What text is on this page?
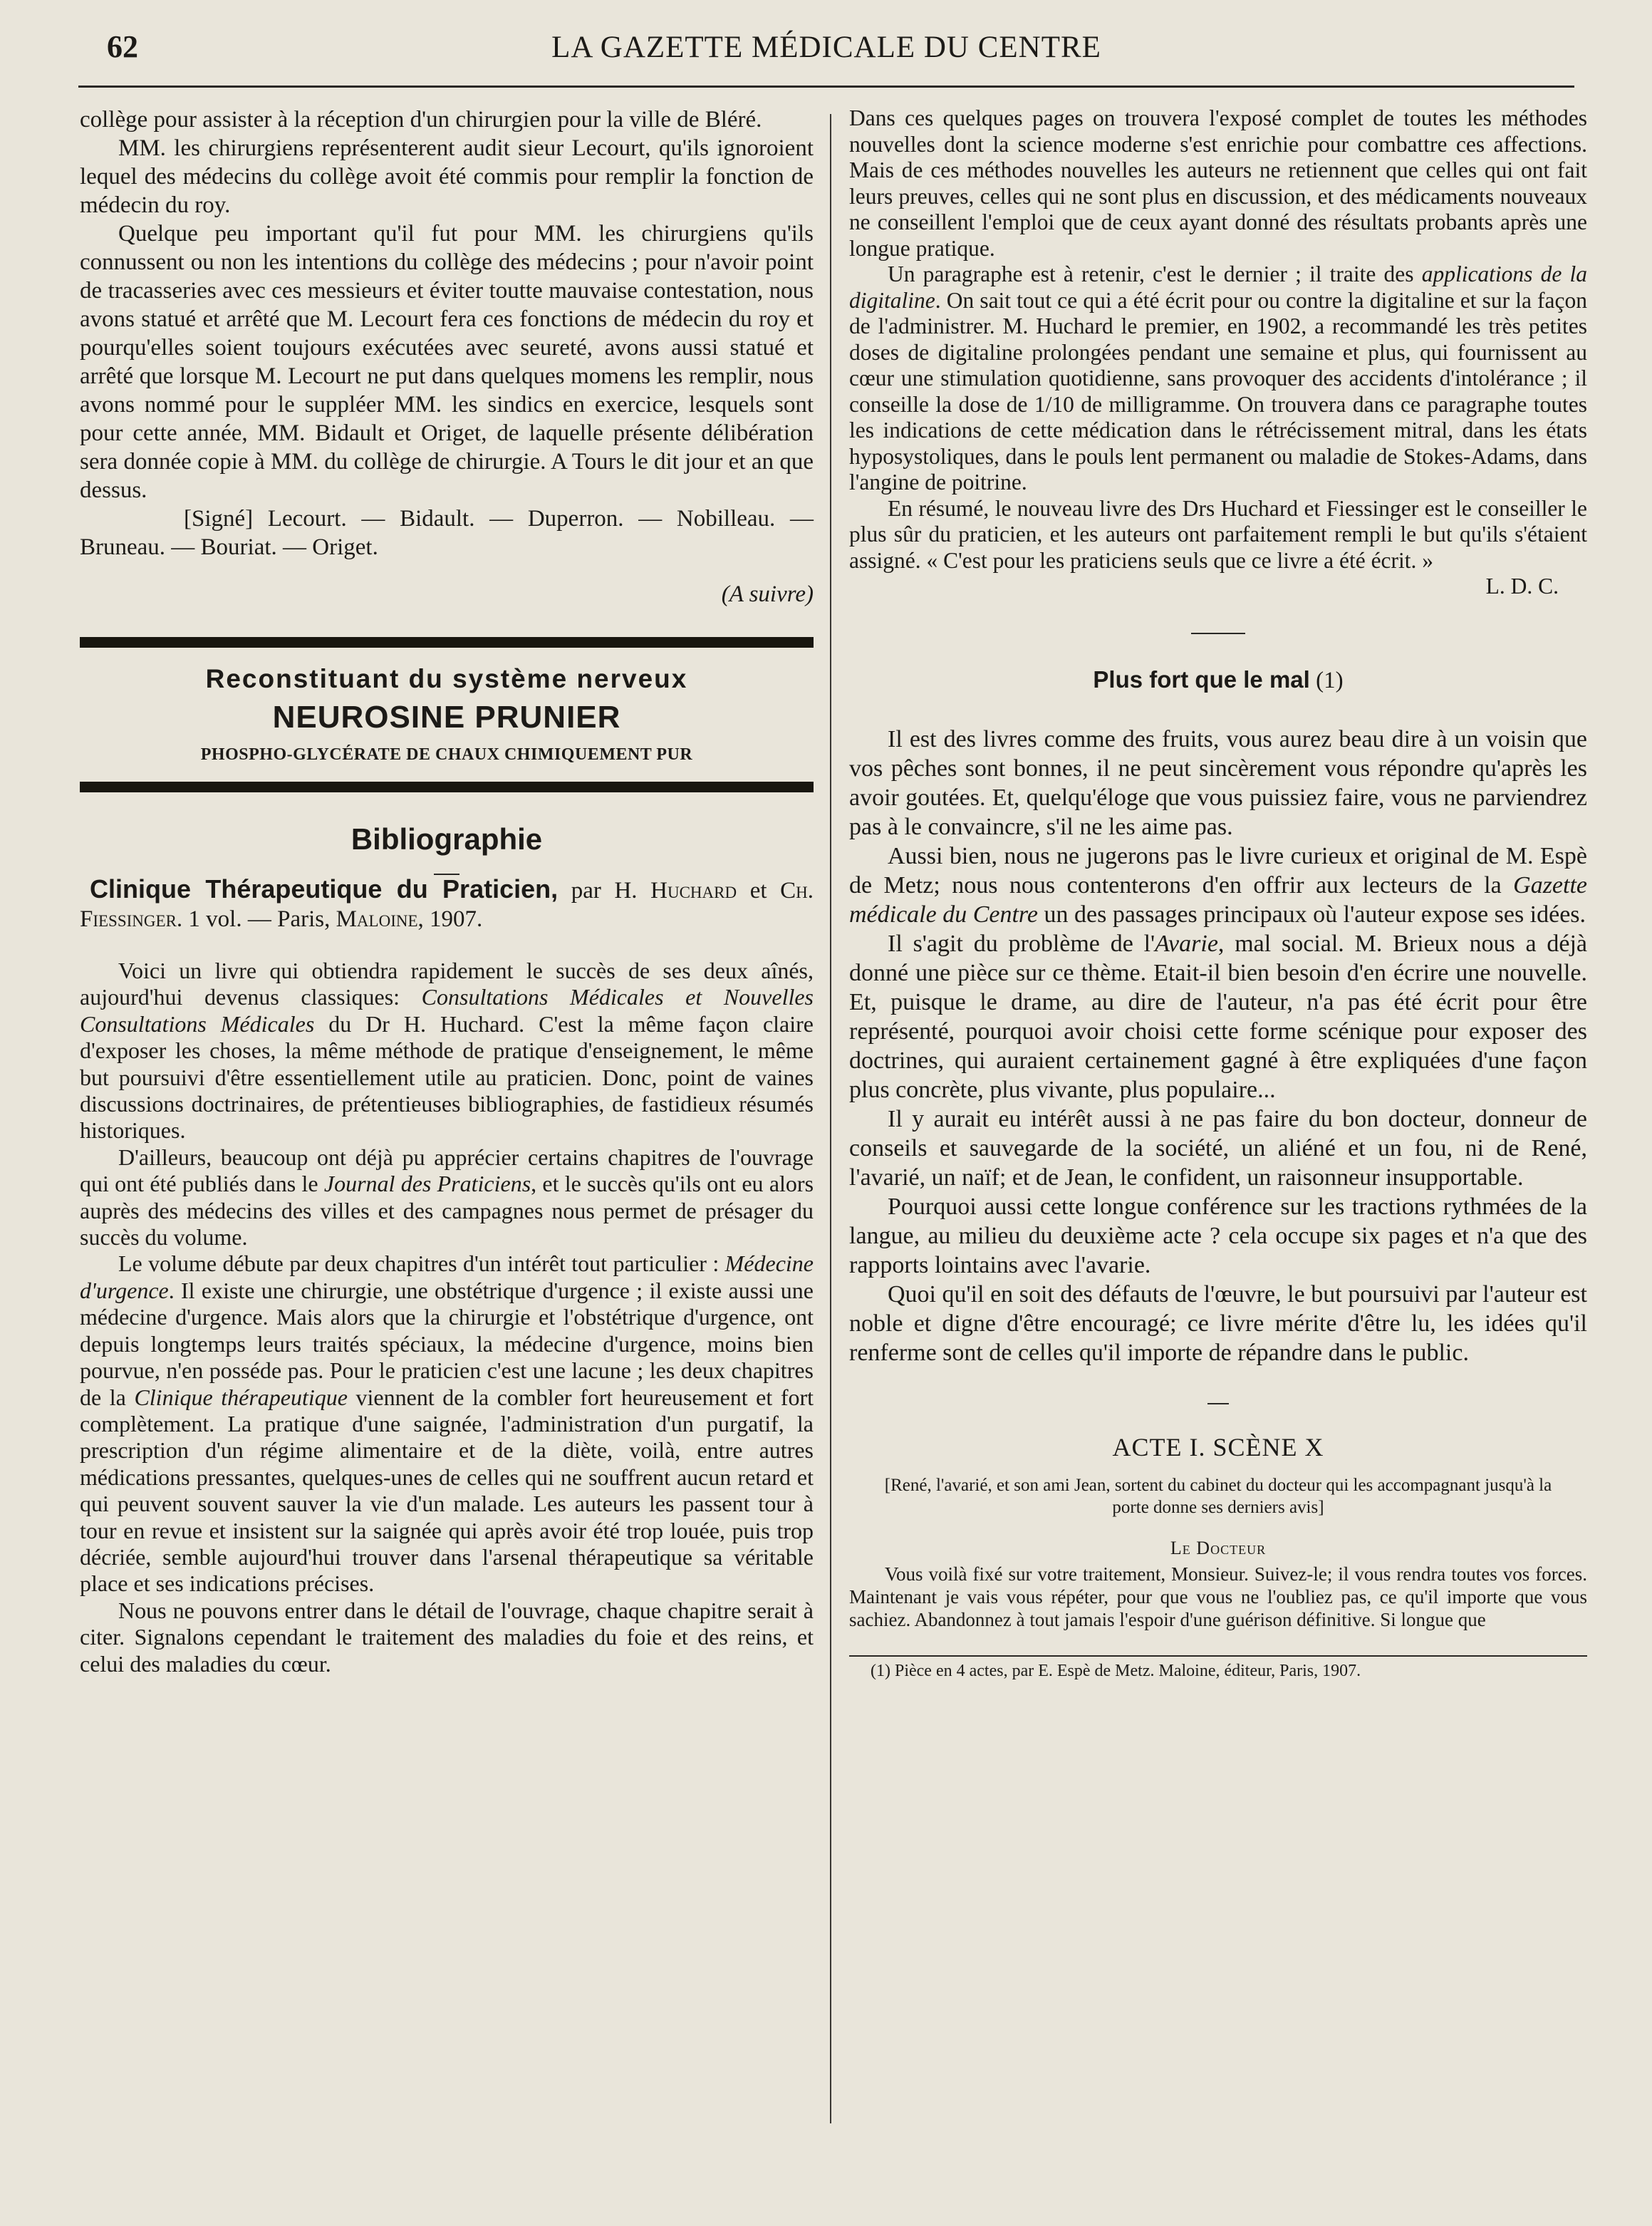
62	LA GAZETTE MÉDICALE DU CENTRE

collège pour assister à la réception d'un chirurgien pour la ville de Bléré.

MM. les chirurgiens représenterent audit sieur Lecourt, qu'ils ignoroient lequel des médecins du collège avoit été commis pour remplir la fonction de médecin du roy.

Quelque peu important qu'il fut pour MM. les chirurgiens qu'ils connussent ou non les intentions du collège des médecins ; pour n'avoir point de tracasseries avec ces messieurs et éviter toutte mauvaise contestation, nous avons statué et arrêté que M. Lecourt fera ces fonctions de médecin du roy et pourqu'elles soient toujours exécutées avec seureté, avons aussi statué et arrêté que lorsque M. Lecourt ne put dans quelques momens les remplir, nous avons nommé pour le suppléer MM. les sindics en exercice, lesquels sont pour cette année, MM. Bidault et Origet, de laquelle présente délibération sera donnée copie à MM. du collège de chirurgie. A Tours le dit jour et an que dessus.

[Signé] Lecourt. — Bidault. — Duperron. — Nobilleau. — Bruneau. — Bouriat. — Origet.

(A suivre)
Reconstituant du système nerveux
NEUROSINE PRUNIER
PHOSPHO-GLYCÉRATE DE CHAUX CHIMIQUEMENT PUR
Bibliographie

Clinique Thérapeutique du Praticien, par H. Huchard et Ch. Fiessinger. 1 vol. — Paris, Maloine, 1907.

Voici un livre qui obtiendra rapidement le succès de ses deux aînés, aujourd'hui devenus classiques: Consultations Médicales et Nouvelles Consultations Médicales du Dr H. Huchard. C'est la même façon claire d'exposer les choses, la même méthode de pratique d'enseignement, le même but poursuivi d'être essentiellement utile au praticien. Donc, point de vaines discussions doctrinaires, de prétentieuses bibliographies, de fastidieux résumés historiques.

D'ailleurs, beaucoup ont déjà pu apprécier certains chapitres de l'ouvrage qui ont été publiés dans le Journal des Praticiens, et le succès qu'ils ont eu alors auprès des médecins des villes et des campagnes nous permet de présager du succès du volume.

Le volume débute par deux chapitres d'un intérêt tout particulier : Médecine d'urgence. Il existe une chirurgie, une obstétrique d'urgence ; il existe aussi une médecine d'urgence. Mais alors que la chirurgie et l'obstétrique d'urgence, ont depuis longtemps leurs traités spéciaux, la médecine d'urgence, moins bien pourvue, n'en posséde pas. Pour le praticien c'est une lacune ; les deux chapitres de la Clinique thérapeutique viennent de la combler fort heureusement et fort complètement. La pratique d'une saignée, l'administration d'un purgatif, la prescription d'un régime alimentaire et de la diète, voilà, entre autres médications pressantes, quelques-unes de celles qui ne souffrent aucun retard et qui peuvent souvent sauver la vie d'un malade. Les auteurs les passent tour à tour en revue et insistent sur la saignée qui après avoir été trop louée, puis trop décriée, semble aujourd'hui trouver dans l'arsenal thérapeutique sa véritable place et ses indications précises.

Nous ne pouvons entrer dans le détail de l'ouvrage, chaque chapitre serait à citer. Signalons cependant le traitement des maladies du foie et des reins, et celui des maladies du cœur.

Dans ces quelques pages on trouvera l'exposé complet de toutes les méthodes nouvelles dont la science moderne s'est enrichie pour combattre ces affections. Mais de ces méthodes nouvelles les auteurs ne retiennent que celles qui ont fait leurs preuves, celles qui ne sont plus en discussion, et des médicaments nouveaux ne conseillent l'emploi que de ceux ayant donné des résultats probants après une longue pratique.

Un paragraphe est à retenir, c'est le dernier ; il traite des applications de la digitaline. On sait tout ce qui a été écrit pour ou contre la digitaline et sur la façon de l'administrer. M. Huchard le premier, en 1902, a recommandé les très petites doses de digitaline prolongées pendant une semaine et plus, qui fournissent au cœur une stimulation quotidienne, sans provoquer des accidents d'intolérance ; il conseille la dose de 1/10 de milligramme. On trouvera dans ce paragraphe toutes les indications de cette médication dans le rétrécissement mitral, dans les états hyposystoliques, dans le pouls lent permanent ou maladie de Stokes-Adams, dans l'angine de poitrine.

En résumé, le nouveau livre des Drs Huchard et Fiessinger est le conseiller le plus sûr du praticien, et les auteurs ont parfaitement rempli le but qu'ils s'étaient assigné. « C'est pour les praticiens seuls que ce livre a été écrit. »

L. D. C.

Plus fort que le mal (1)

Il est des livres comme des fruits, vous aurez beau dire à un voisin que vos pêches sont bonnes, il ne peut sincèrement vous répondre qu'après les avoir goutées. Et, quelqu'éloge que vous puissiez faire, vous ne parviendrez pas à le convaincre, s'il ne les aime pas.

Aussi bien, nous ne jugerons pas le livre curieux et original de M. Espè de Metz; nous nous contenterons d'en offrir aux lecteurs de la Gazette médicale du Centre un des passages principaux où l'auteur expose ses idées.

Il s'agit du problème de l'Avarie, mal social. M. Brieux nous a déjà donné une pièce sur ce thème. Etait-il bien besoin d'en écrire une nouvelle. Et, puisque le drame, au dire de l'auteur, n'a pas été écrit pour être représenté, pourquoi avoir choisi cette forme scénique pour exposer des doctrines, qui auraient certainement gagné à être expliquées d'une façon plus concrète, plus vivante, plus populaire...

Il y aurait eu intérêt aussi à ne pas faire du bon docteur, donneur de conseils et sauvegarde de la société, un aliéné et un fou, ni de René, l'avarié, un naïf; et de Jean, le confident, un raisonneur insupportable.

Pourquoi aussi cette longue conférence sur les tractions rythmées de la langue, au milieu du deuxième acte ? cela occupe six pages et n'a que des rapports lointains avec l'avarie.

Quoi qu'il en soit des défauts de l'œuvre, le but poursuivi par l'auteur est noble et digne d'être encouragé; ce livre mérite d'être lu, les idées qu'il renferme sont de celles qu'il importe de répandre dans le public.

ACTE I. SCÈNE X
[René, l'avarié, et son ami Jean, sortent du cabinet du docteur qui les accompagnant jusqu'à la porte donne ses derniers avis]
Le Docteur

Vous voilà fixé sur votre traitement, Monsieur. Suivez-le; il vous rendra toutes vos forces. Maintenant je vais vous répéter, pour que vous ne l'oubliez pas, ce qu'il importe que vous sachiez. Abandonnez à tout jamais l'espoir d'une guérison définitive. Si longue que

(1) Pièce en 4 actes, par E. Espè de Metz. Maloine, éditeur, Paris, 1907.
